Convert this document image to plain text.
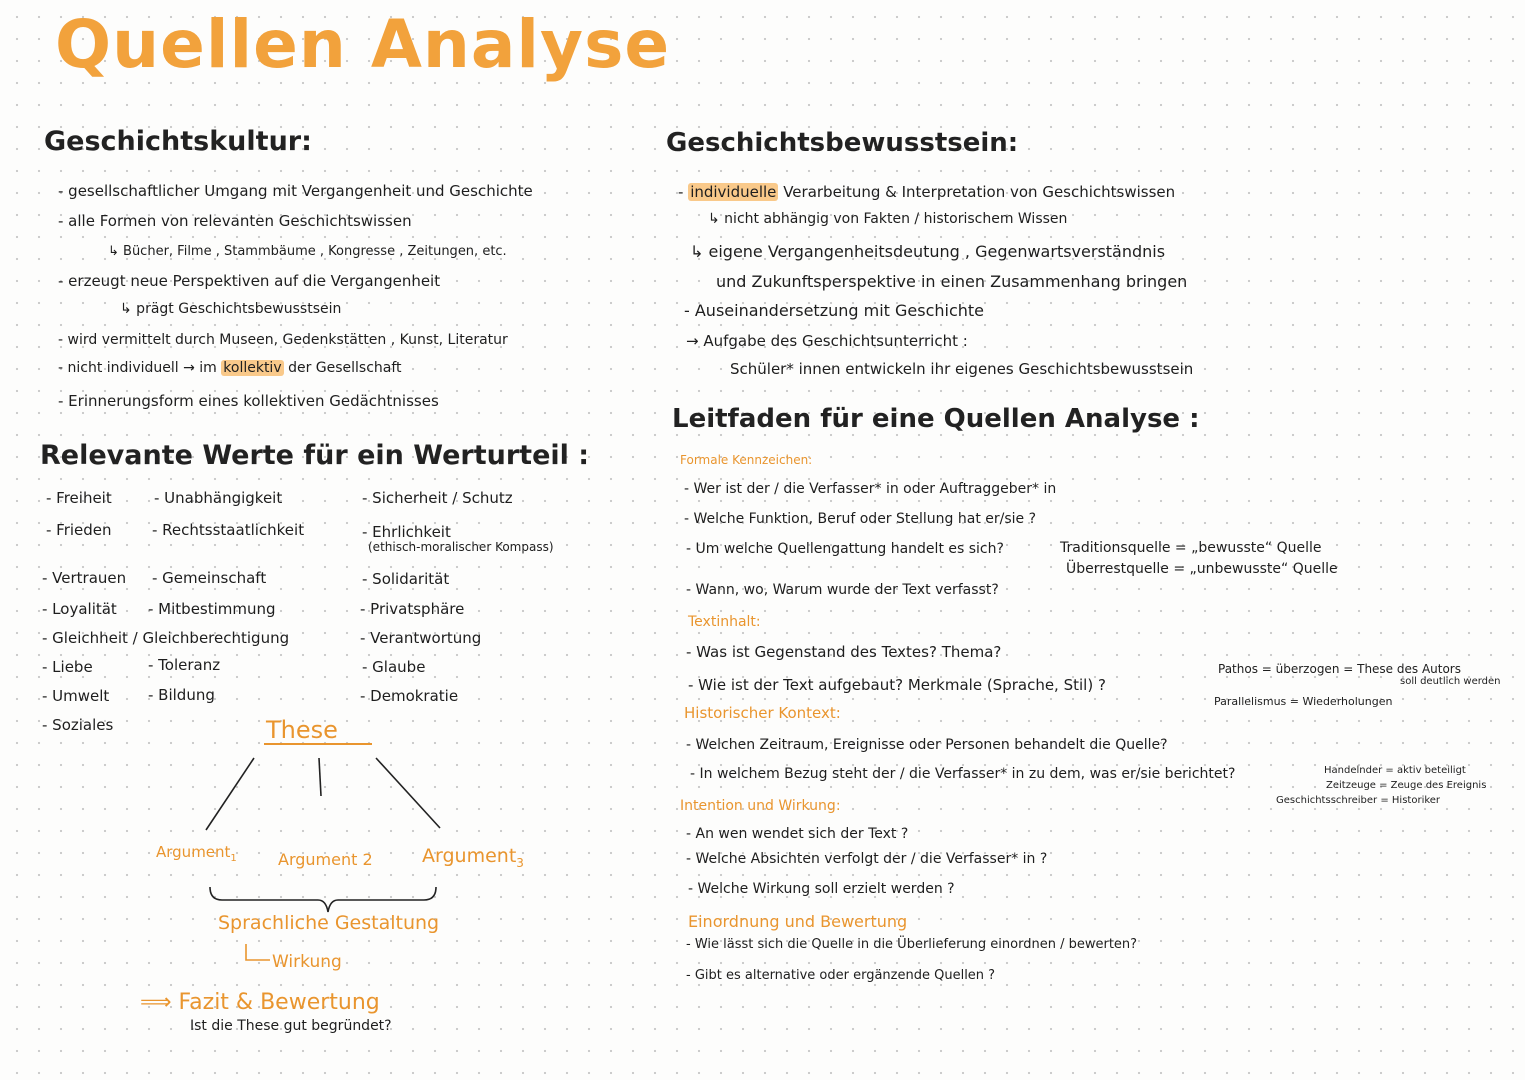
Quellen Analyse
Geschichtskultur:
- gesellschaftlicher Umgang mit Vergangenheit und Geschichte
- alle Formen von relevanten Geschichtswissen
↳ Bücher, Filme , Stammbäume , Kongresse , Zeitungen, etc.
- erzeugt neue Perspektiven auf die Vergangenheit
↳ prägt Geschichtsbewusstsein
- wird vermittelt durch Museen, Gedenkstätten , Kunst, Literatur
- nicht individuell → im kollektiv der Gesellschaft
- Erinnerungsform eines kollektiven Gedächtnisses
Relevante Werte für ein Werturteil :
- Freiheit
- Frieden
- Vertrauen
- Loyalität
- Gleichheit / Gleichberechtigung
- Liebe
- Umwelt
- Soziales
- Unabhängigkeit
- Rechtsstaatlichkeit
- Gemeinschaft
- Mitbestimmung
- Toleranz
- Bildung
- Sicherheit / Schutz
- Ehrlichkeit
(ethisch-moralischer Kompass)
- Solidarität
- Privatsphäre
- Verantwortung
- Glaube
- Demokratie
These
Argument$_1$	Argument 2	Argument$_3$
Sprachliche Gestaltung
Wirkung
⟹ Fazit & Bewertung
Ist die These gut begründet?
Geschichtsbewusstsein:
- individuelle Verarbeitung & Interpretation von Geschichtswissen
↳ nicht abhängig von Fakten / historischem Wissen
↳ eigene Vergangenheitsdeutung , Gegenwartsverständnis
und Zukunftsperspektive in einen Zusammenhang bringen
- Auseinandersetzung mit Geschichte
→ Aufgabe des Geschichtsunterricht :
Schüler* innen entwickeln ihr eigenes Geschichtsbewusstsein
Leitfaden für eine Quellen Analyse :
Formale Kennzeichen:
- Wer ist der / die Verfasser* in oder Auftraggeber* in
- Welche Funktion, Beruf oder Stellung hat er/sie ?
- Um welche Quellengattung handelt es sich?	Traditionsquelle = „bewusste“ Quelle
Überrestquelle = „unbewusste“ Quelle
- Wann, wo, Warum wurde der Text verfasst?
Textinhalt:
- Was ist Gegenstand des Textes? Thema?
- Wie ist der Text aufgebaut? Merkmale (Sprache, Stil) ?
Pathos = überzogen = These des Autors
soll deutlich werden
Parallelismus = Wiederholungen
Historischer Kontext:
- Welchen Zeitraum, Ereignisse oder Personen behandelt die Quelle?
- In welchem Bezug steht der / die Verfasser* in zu dem, was er/sie berichtet?	Handelnder = aktiv beteiligt
Zeitzeuge = Zeuge des Ereignis
Geschichtsschreiber = Historiker
Intention und Wirkung:
- An wen wendet sich der Text ?
- Welche Absichten verfolgt der / die Verfasser* in ?
- Welche Wirkung soll erzielt werden ?
Einordnung und Bewertung
- Wie lässt sich die Quelle in die Überlieferung einordnen / bewerten?
- Gibt es alternative oder ergänzende Quellen ?
